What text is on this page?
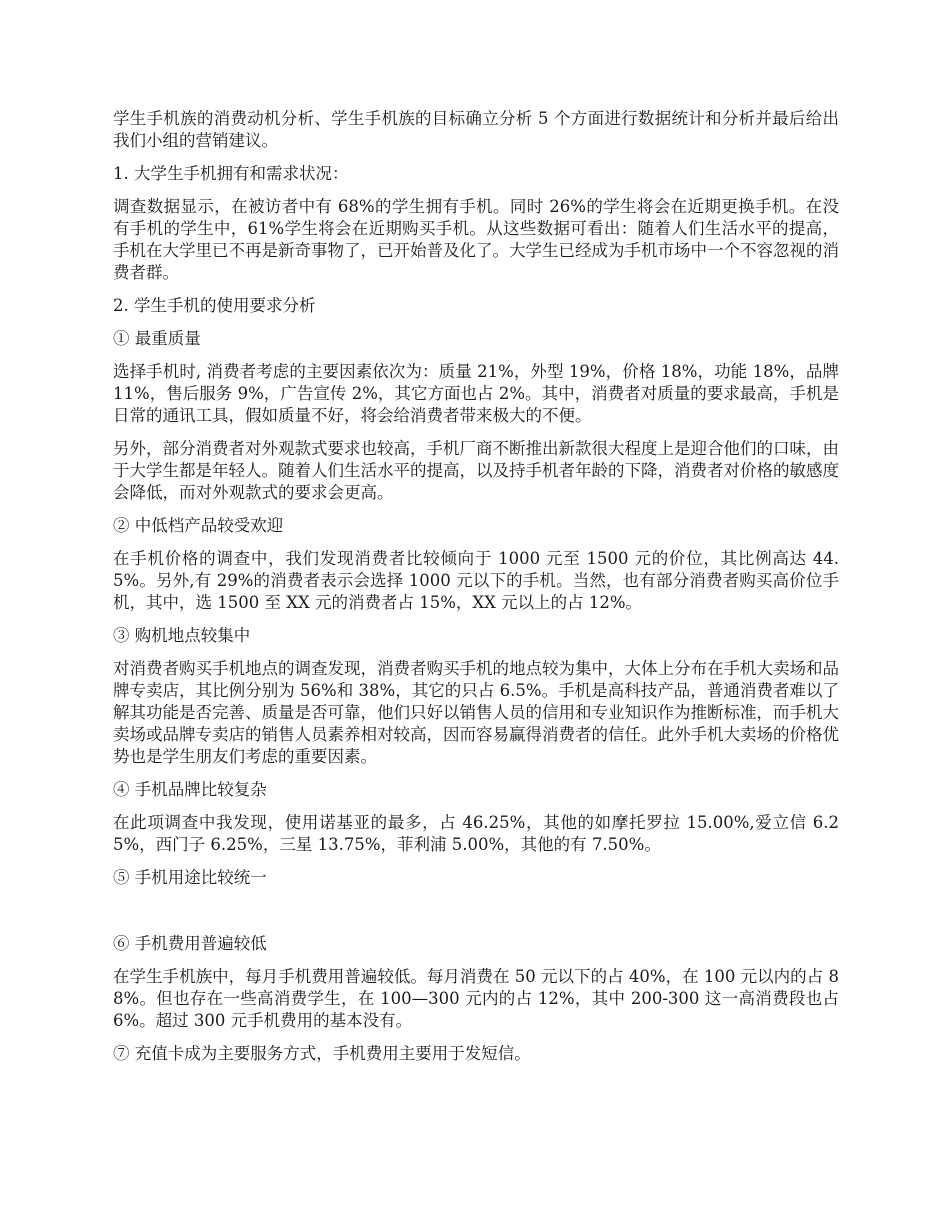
学生手机族的消费动机分析、学生手机族的目标确立分析 5 个方面进行数据统计和分析并最后给出我们小组的营销建议。

1. 大学生手机拥有和需求状况：

调查数据显示，在被访者中有 68%的学生拥有手机。同时 26%的学生将会在近期更换手机。在没有手机的学生中，61%学生将会在近期购买手机。从这些数据可看出：随着人们生活水平的提高，手机在大学里已不再是新奇事物了，已开始普及化了。大学生已经成为手机市场中一个不容忽视的消费者群。

2. 学生手机的使用要求分析

① 最重质量

选择手机时, 消费者考虑的主要因素依次为：质量 21%，外型 19%，价格 18%，功能 18%，品牌 11%，售后服务 9%，广告宣传 2%，其它方面也占 2%。其中，消费者对质量的要求最高，手机是日常的通讯工具，假如质量不好，将会给消费者带来极大的不便。

另外，部分消费者对外观款式要求也较高，手机厂商不断推出新款很大程度上是迎合他们的口味，由于大学生都是年轻人。随着人们生活水平的提高，以及持手机者年龄的下降，消费者对价格的敏感度会降低，而对外观款式的要求会更高。

② 中低档产品较受欢迎

在手机价格的调查中，我们发现消费者比较倾向于 1000 元至 1500 元的价位，其比例高达 44.5%。另外,有 29%的消费者表示会选择 1000 元以下的手机。当然，也有部分消费者购买高价位手机，其中，选 1500 至 XX 元的消费者占 15%，XX 元以上的占 12%。

③ 购机地点较集中

对消费者购买手机地点的调查发现，消费者购买手机的地点较为集中，大体上分布在手机大卖场和品牌专卖店，其比例分别为 56%和 38%，其它的只占 6.5%。手机是高科技产品，普通消费者难以了解其功能是否完善、质量是否可靠，他们只好以销售人员的信用和专业知识作为推断标准，而手机大卖场或品牌专卖店的销售人员素养相对较高，因而容易赢得消费者的信任。此外手机大卖场的价格优势也是学生朋友们考虑的重要因素。

④ 手机品牌比较复杂

在此项调查中我发现，使用诺基亚的最多，占 46.25%，其他的如摩托罗拉 15.00%,爱立信 6.25%，西门子 6.25%，三星 13.75%，菲利浦 5.00%，其他的有 7.50%。

⑤ 手机用途比较统一

⑥ 手机费用普遍较低

在学生手机族中，每月手机费用普遍较低。每月消费在 50 元以下的占 40%，在 100 元以内的占 88%。但也存在一些高消费学生，在 100—300 元内的占 12%，其中 200-300 这一高消费段也占 6%。超过 300 元手机费用的基本没有。

⑦ 充值卡成为主要服务方式，手机费用主要用于发短信。
